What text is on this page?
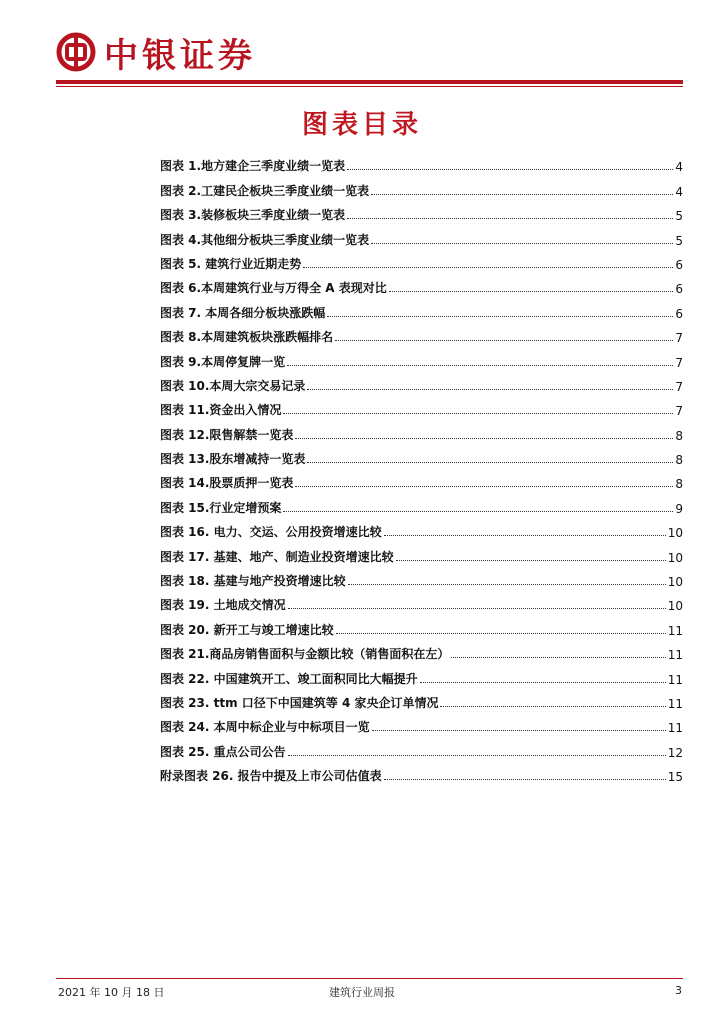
中银证券
图表目录
图表 1.地方建企三季度业绩一览表	4
图表 2.工建民企板块三季度业绩一览表	4
图表 3.装修板块三季度业绩一览表	5
图表 4.其他细分板块三季度业绩一览表	5
图表 5. 建筑行业近期走势	6
图表 6.本周建筑行业与万得全 A 表现对比	6
图表 7. 本周各细分板块涨跌幅	6
图表 8.本周建筑板块涨跌幅排名	7
图表 9.本周停复牌一览	7
图表 10.本周大宗交易记录	7
图表 11.资金出入情况	7
图表 12.限售解禁一览表	8
图表 13.股东增减持一览表	8
图表 14.股票质押一览表	8
图表 15.行业定增预案	9
图表 16. 电力、交运、公用投资增速比较	10
图表 17. 基建、地产、制造业投资增速比较	10
图表 18. 基建与地产投资增速比较	10
图表 19. 土地成交情况	10
图表 20. 新开工与竣工增速比较	11
图表 21.商品房销售面积与金额比较（销售面积在左）	11
图表 22. 中国建筑开工、竣工面积同比大幅提升	11
图表 23. ttm 口径下中国建筑等 4 家央企订单情况	11
图表 24. 本周中标企业与中标项目一览	11
图表 25. 重点公司公告	12
附录图表 26. 报告中提及上市公司估值表	15
2021 年 10 月 18 日	建筑行业周报	3
